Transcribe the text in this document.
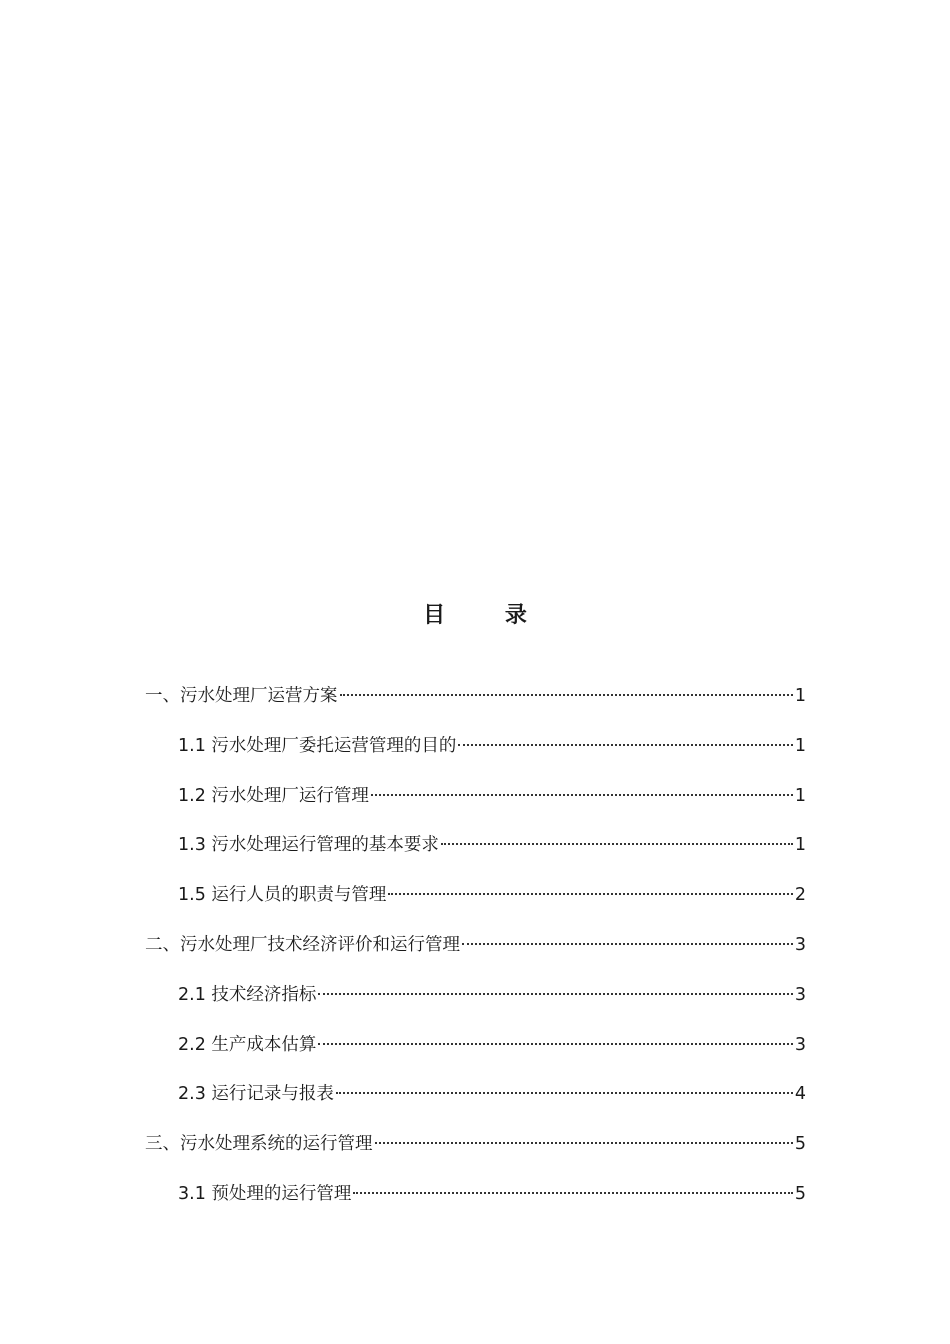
目 录
一、污水处理厂运营方案	1
1.1 污水处理厂委托运营管理的目的	1
1.2 污水处理厂运行管理	1
1.3 污水处理运行管理的基本要求	1
1.5 运行人员的职责与管理	2
二、污水处理厂技术经济评价和运行管理	3
2.1 技术经济指标	3
2.2 生产成本估算	3
2.3 运行记录与报表	4
三、污水处理系统的运行管理	5
3.1 预处理的运行管理	5
